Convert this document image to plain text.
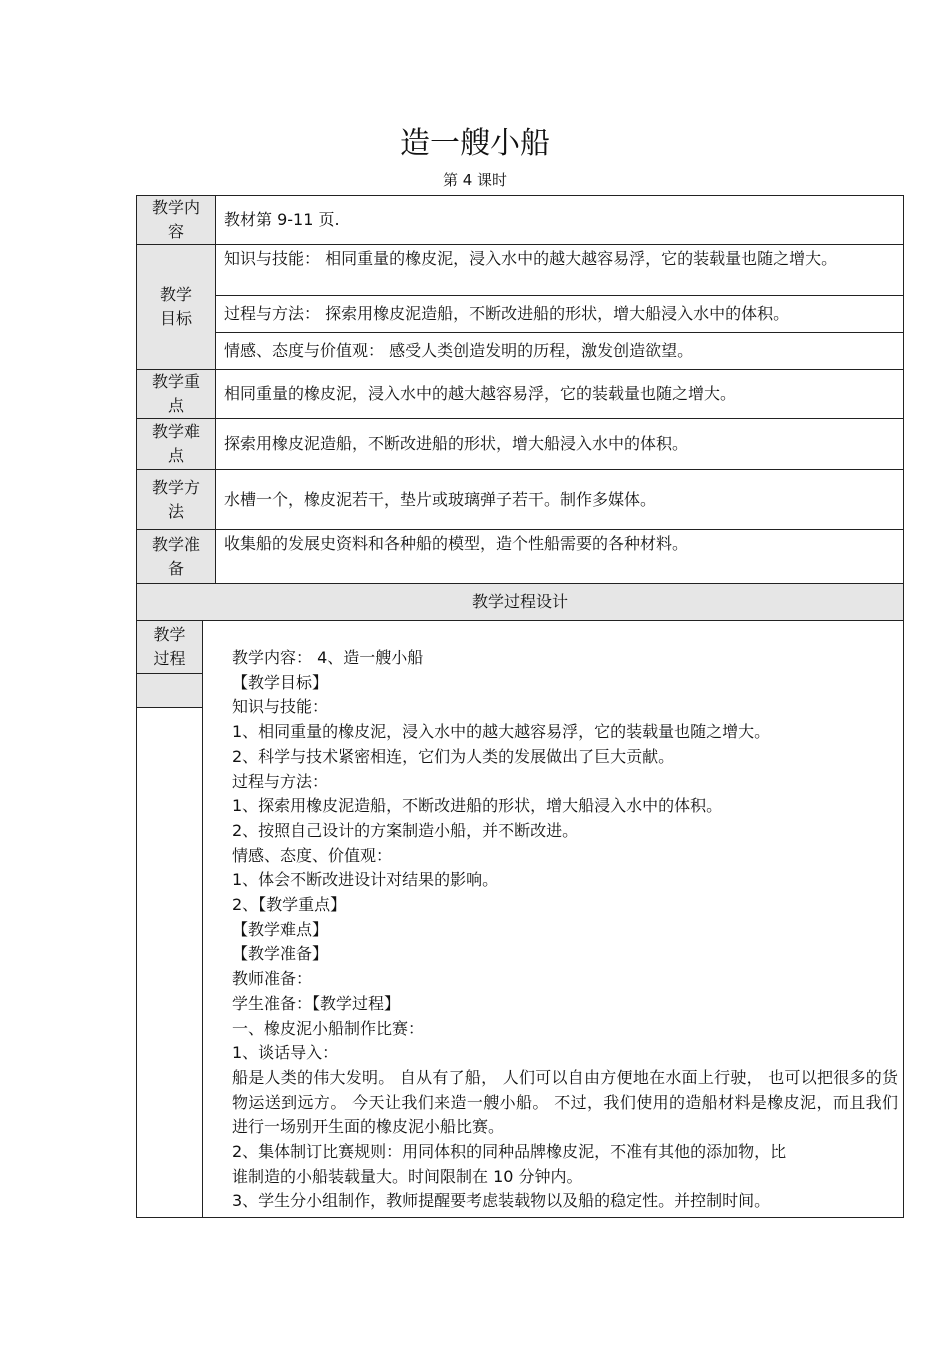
造一艘小船
第 4 课时
教学内
容
教材第 9-11 页.
教学
目标
知识与技能： 相同重量的橡皮泥，浸入水中的越大越容易浮，它的装载量也随之增大。
过程与方法： 探索用橡皮泥造船，不断改进船的形状，增大船浸入水中的体积。
情感、态度与价值观： 感受人类创造发明的历程，激发创造欲望。
教学重
点
相同重量的橡皮泥，浸入水中的越大越容易浮，它的装载量也随之增大。
教学难
点
探索用橡皮泥造船，不断改进船的形状，增大船浸入水中的体积。
教学方
法
水槽一个，橡皮泥若干，垫片或玻璃弹子若干。制作多媒体。
教学准
备
收集船的发展史资料和各种船的模型，造个性船需要的各种材料。
教学过程设计
教学
过程	教学内容： 4、造一艘小船
【教学目标】
知识与技能：
1、相同重量的橡皮泥，浸入水中的越大越容易浮，它的装载量也随之增大。
2、科学与技术紧密相连，它们为人类的发展做出了巨大贡献。
过程与方法：
1、探索用橡皮泥造船，不断改进船的形状，增大船浸入水中的体积。
2、按照自己设计的方案制造小船，并不断改进。
情感、态度、价值观：
1、体会不断改进设计对结果的影响。
2、【教学重点】
【教学难点】
【教学准备】
教师准备：
学生准备：【教学过程】
一、橡皮泥小船制作比赛：
1、谈话导入：
船是人类的伟大发明。 自从有了船， 人们可以自由方便地在水面上行驶， 也可以把很多的货物运送到远方。 今天让我们来造一艘小船。 不过，我们使用的造船材料是橡皮泥，而且我们进行一场别开生面的橡皮泥小船比赛。
2、集体制订比赛规则：用同体积的同种品牌橡皮泥，不准有其他的添加物，比
谁制造的小船装载量大。时间限制在 10 分钟内。
3、学生分小组制作，教师提醒要考虑装载物以及船的稳定性。并控制时间。
